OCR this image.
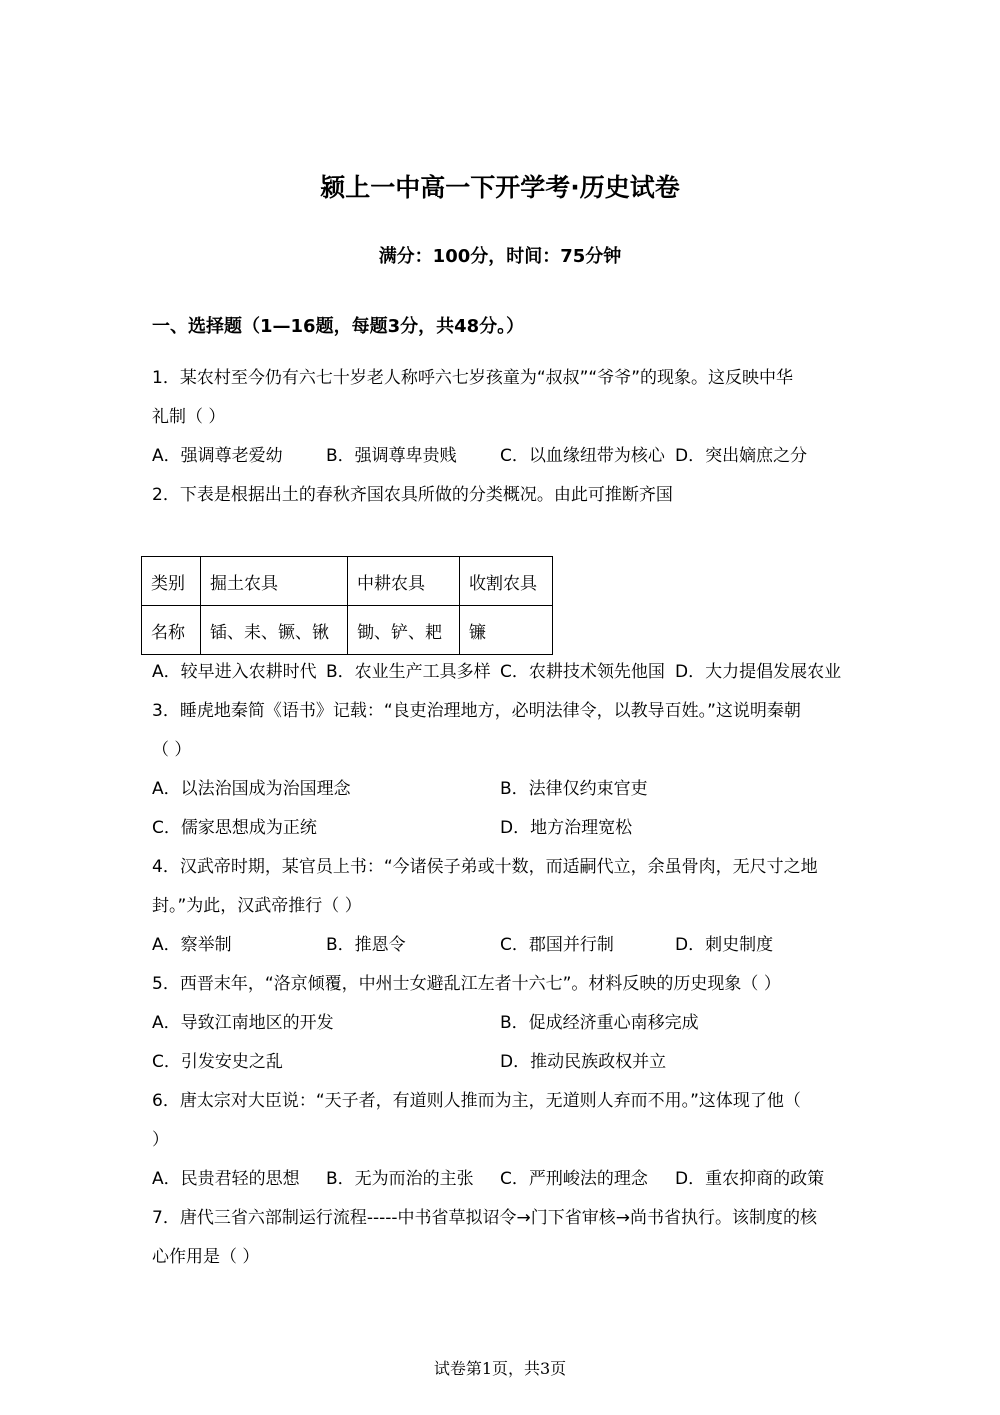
颍上一中高一下开学考·历史试卷
满分：100分，时间：75分钟
一、选择题（1—16题，每题3分，共48分。）
1．某农村至今仍有六七十岁老人称呼六七岁孩童为“叔叔”“爷爷”的现象。这反映中华
礼制（ ）
A．强调尊老爱幼	B．强调尊卑贵贱	C．以血缘纽带为核心 D．突出嫡庶之分
2．下表是根据出土的春秋齐国农具所做的分类概况。由此可推断齐国
类别	掘土农具	中耕农具	收割农具
名称	锸、耒、镢、锹	锄、铲、耙	镰
A．较早进入农耕时代 B．农业生产工具多样 C．农耕技术领先他国 D．大力提倡发展农业
3．睡虎地秦简《语书》记载：“良吏治理地方，必明法律令，以教导百姓。”这说明秦朝
（ ）
A．以法治国成为治国理念	B．法律仅约束官吏
C．儒家思想成为正统	D．地方治理宽松
4．汉武帝时期，某官员上书：“今诸侯子弟或十数，而适嗣代立，余虽骨肉，无尺寸之地
封。”为此，汉武帝推行（ ）
A．察举制	B．推恩令	C．郡国并行制	D．刺史制度
5．西晋末年，“洛京倾覆，中州士女避乱江左者十六七”。材料反映的历史现象（ ）
A．导致江南地区的开发	B．促成经济重心南移完成
C．引发安史之乱	D．推动民族政权并立
6．唐太宗对大臣说：“天子者，有道则人推而为主，无道则人弃而不用。”这体现了他（
）
A．民贵君轻的思想 B．无为而治的主张 C．严刑峻法的理念 D．重农抑商的政策
7．唐代三省六部制运行流程-----中书省草拟诏令→门下省审核→尚书省执行。该制度的核
心作用是（ ）
试卷第1页，共3页
